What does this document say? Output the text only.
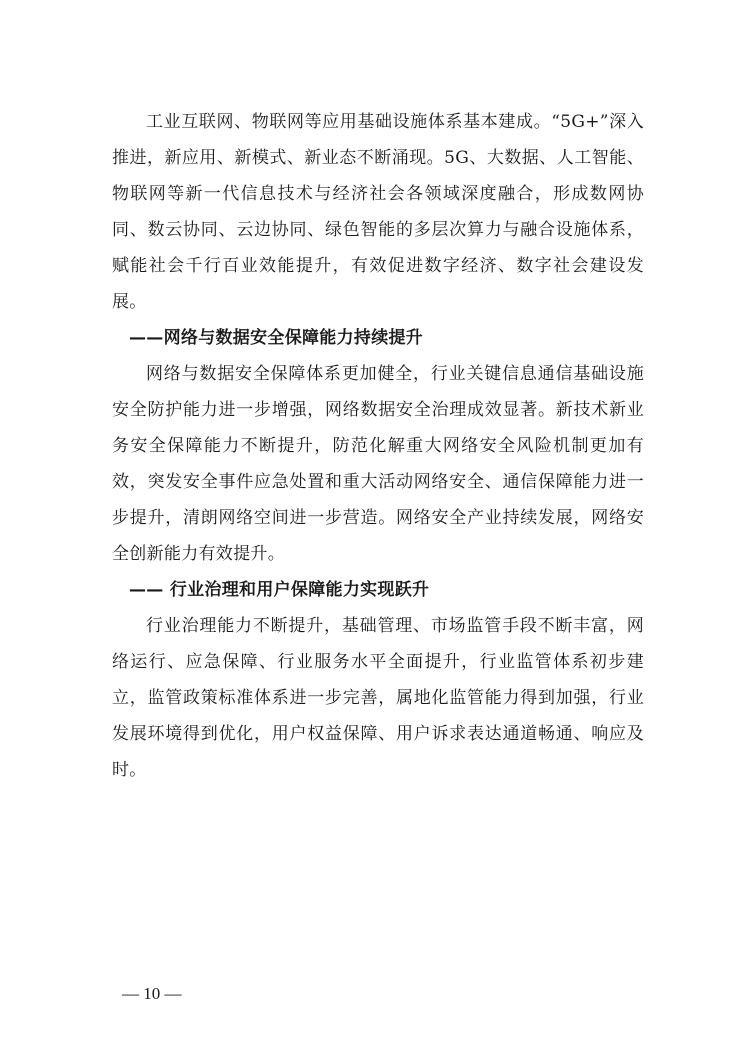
工业互联网、物联网等应用基础设施体系基本建成。“5G+”深入推进，新应用、新模式、新业态不断涌现。5G、大数据、人工智能、物联网等新一代信息技术与经济社会各领域深度融合，形成数网协同、数云协同、云边协同、绿色智能的多层次算力与融合设施体系，赋能社会千行百业效能提升，有效促进数字经济、数字社会建设发展。

——网络与数据安全保障能力持续提升

网络与数据安全保障体系更加健全，行业关键信息通信基础设施安全防护能力进一步增强，网络数据安全治理成效显著。新技术新业务安全保障能力不断提升，防范化解重大网络安全风险机制更加有效，突发安全事件应急处置和重大活动网络安全、通信保障能力进一步提升，清朗网络空间进一步营造。网络安全产业持续发展，网络安全创新能力有效提升。

—— 行业治理和用户保障能力实现跃升

行业治理能力不断提升，基础管理、市场监管手段不断丰富，网络运行、应急保障、行业服务水平全面提升，行业监管体系初步建立，监管政策标准体系进一步完善，属地化监管能力得到加强，行业发展环境得到优化，用户权益保障、用户诉求表达通道畅通、响应及时。

— 10 —
